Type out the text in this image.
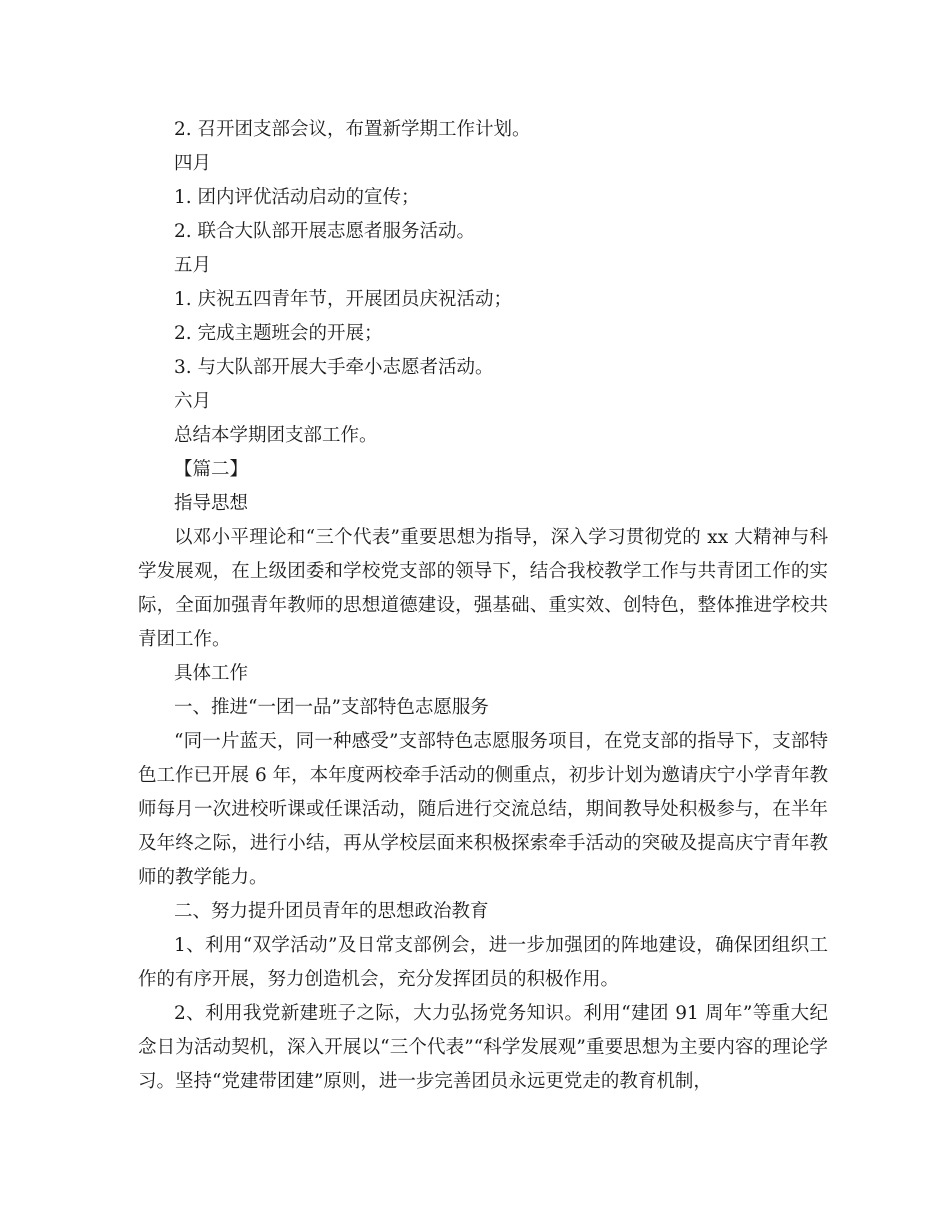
2. 召开团支部会议，布置新学期工作计划。

四月

1. 团内评优活动启动的宣传；

2. 联合大队部开展志愿者服务活动。

五月

1. 庆祝五四青年节，开展团员庆祝活动；

2. 完成主题班会的开展；

3. 与大队部开展大手牵小志愿者活动。

六月

总结本学期团支部工作。

【篇二】

指导思想

以邓小平理论和“三个代表”重要思想为指导，深入学习贯彻党的 xx 大精神与科学发展观，在上级团委和学校党支部的领导下，结合我校教学工作与共青团工作的实际，全面加强青年教师的思想道德建设，强基础、重实效、创特色，整体推进学校共青团工作。

具体工作

一、推进“一团一品”支部特色志愿服务

“同一片蓝天，同一种感受”支部特色志愿服务项目，在党支部的指导下，支部特色工作已开展 6 年，本年度两校牵手活动的侧重点，初步计划为邀请庆宁小学青年教师每月一次进校听课或任课活动，随后进行交流总结，期间教导处积极参与，在半年及年终之际，进行小结，再从学校层面来积极探索牵手活动的突破及提高庆宁青年教师的教学能力。

二、努力提升团员青年的思想政治教育

1、利用“双学活动”及日常支部例会，进一步加强团的阵地建设，确保团组织工作的有序开展，努力创造机会，充分发挥团员的积极作用。

2、利用我党新建班子之际，大力弘扬党务知识。利用“建团 91 周年”等重大纪念日为活动契机，深入开展以“三个代表”“科学发展观”重要思想为主要内容的理论学习。坚持“党建带团建”原则，进一步完善团员永远更党走的教育机制，
